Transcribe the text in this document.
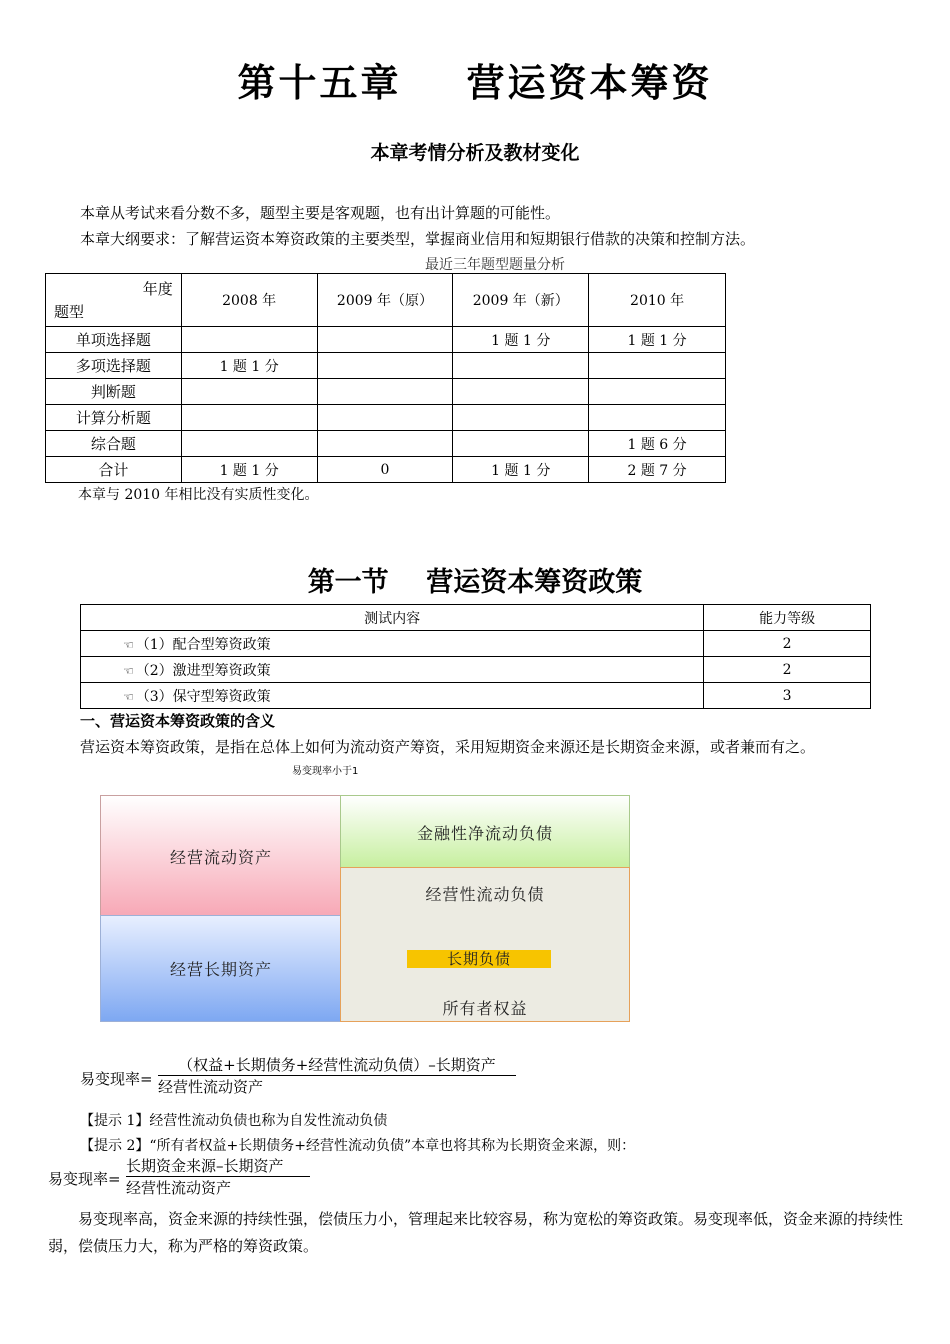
第十五章    营运资本筹资
本章考情分析及教材变化
本章从考试来看分数不多，题型主要是客观题，也有出计算题的可能性。
本章大纲要求：了解营运资本筹资政策的主要类型，掌握商业信用和短期银行借款的决策和控制方法。
最近三年题型题量分析
年度
题型	2008 年	2009 年（原）	2009 年（新）	2010 年
单项选择题			1 题 1 分	1 题 1 分
多项选择题	1 题 1 分			
判断题				
计算分析题				
综合题				1 题 6 分
合计	1 题 1 分	0	1 题 1 分	2 题 7 分
本章与 2010 年相比没有实质性变化。
第一节    营运资本筹资政策
测试内容	能力等级
☜ （1）配合型筹资政策	2
☜ （2）激进型筹资政策	2
☜ （3）保守型筹资政策	3
一、营运资本筹资政策的含义
营运资本筹资政策，是指在总体上如何为流动资产筹资，采用短期资金来源还是长期资金来源，或者兼而有之。
易变现率小于1
经营流动资产
经营长期资产
金融性净流动负债
经营性流动负债
长期负债
所有者权益
易变现率=
（权益+长期债务+经营性流动负债）–长期资产
经营性流动资产
【提示 1】经营性流动负债也称为自发性流动负债
【提示 2】“所有者权益+长期债务+经营性流动负债”本章也将其称为长期资金来源，则：
易变现率=
长期资金来源–长期资产
经营性流动资产
易变现率高，资金来源的持续性强，偿债压力小，管理起来比较容易，称为宽松的筹资政策。易变现率低，资金来源的持续性弱，偿债压力大，称为严格的筹资政策。
